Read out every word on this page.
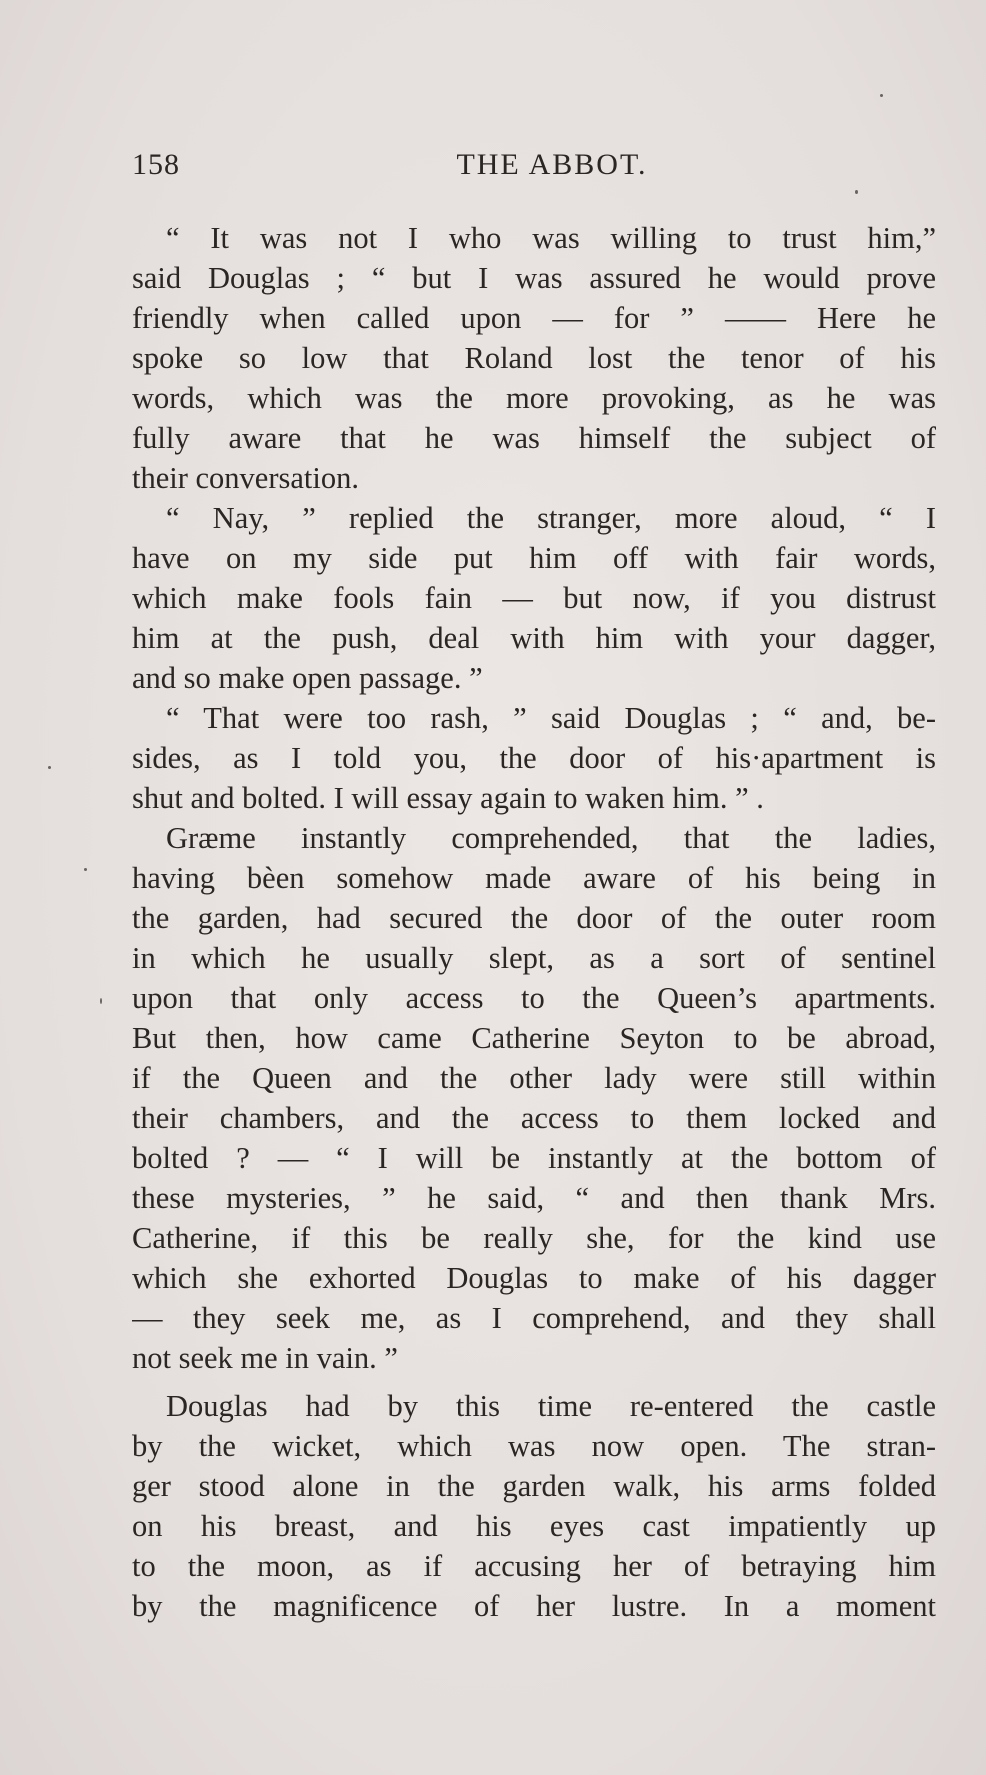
158	THE ABBOT.
“ It was not I who was willing to trust him,”
said Douglas ; “ but I was assured he would prove
friendly when called upon — for ” —— Here he
spoke so low that Roland lost the tenor of his
words, which was the more provoking, as he was
fully aware that he was himself the subject of
their conversation.
“ Nay, ” replied the stranger, more aloud, “ I
have on my side put him off with fair words,
which make fools fain — but now, if you distrust
him at the push, deal with him with your dagger,
and so make open passage. ”
“ That were too rash, ” said Douglas ; “ and, be-
sides, as I told you, the door of his·apartment is
shut and bolted. I will essay again to waken him. ” .
Græme instantly comprehended, that the ladies,
having bèen somehow made aware of his being in
the garden, had secured the door of the outer room
in which he usually slept, as a sort of sentinel
upon that only access to the Queen’s apartments.
But then, how came Catherine Seyton to be abroad,
if the Queen and the other lady were still within
their chambers, and the access to them locked and
bolted ? — “ I will be instantly at the bottom of
these mysteries, ” he said, “ and then thank Mrs.
Catherine, if this be really she, for the kind use
which she exhorted Douglas to make of his dagger
— they seek me, as I comprehend, and they shall
not seek me in vain. ”
Douglas had by this time re-entered the castle
by the wicket, which was now open. The stran-
ger stood alone in the garden walk, his arms folded
on his breast, and his eyes cast impatiently up
to the moon, as if accusing her of betraying him
by the magnificence of her lustre. In a moment
